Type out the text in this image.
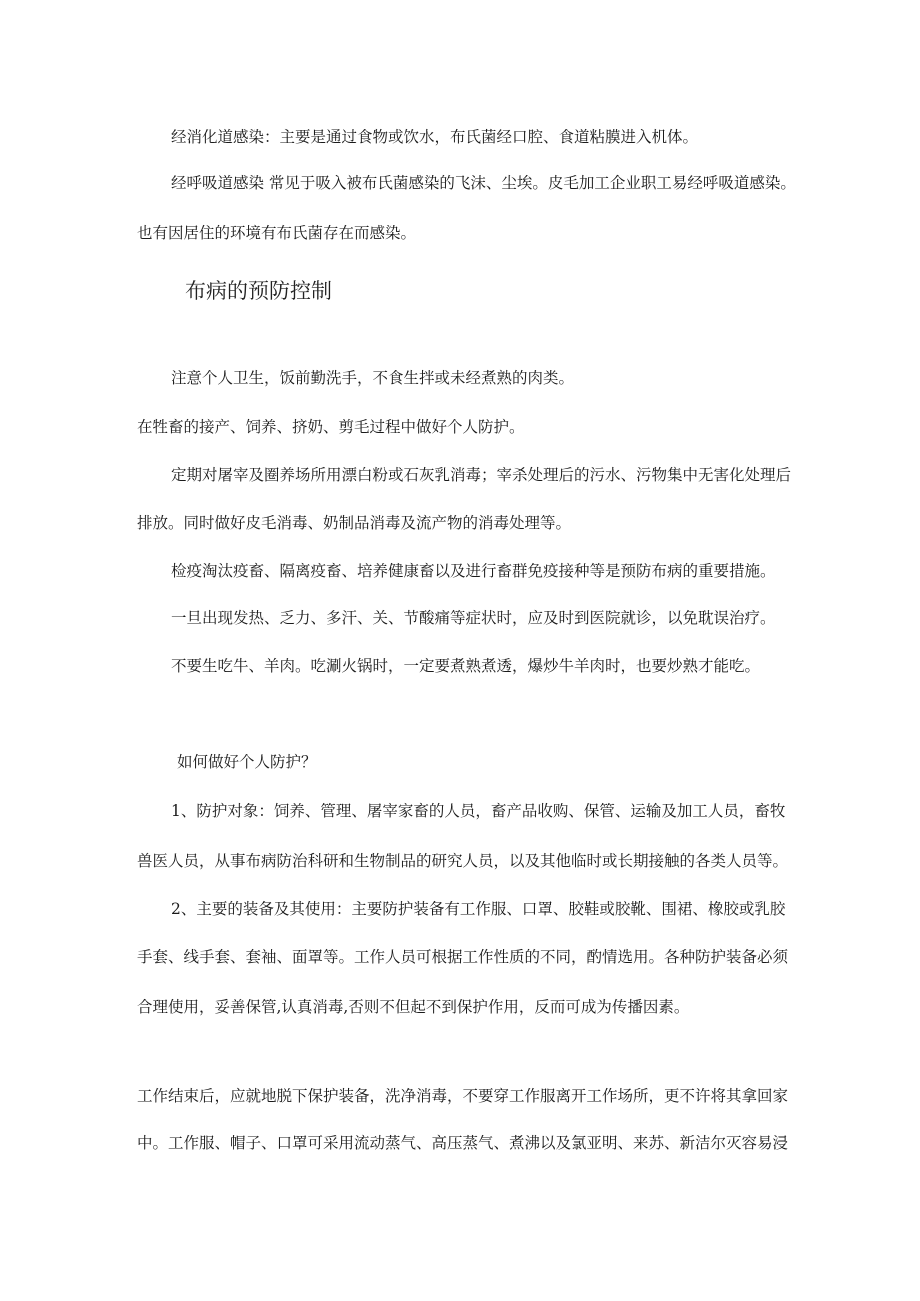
经消化道感染：主要是通过食物或饮水，布氏菌经口腔、食道粘膜进入机体。
经呼吸道感染 常见于吸入被布氏菌感染的飞沫、尘埃。皮毛加工企业职工易经呼吸道感染。
也有因居住的环境有布氏菌存在而感染。
布病的预防控制
注意个人卫生，饭前勤洗手，不食生拌或未经煮熟的肉类。
在牲畜的接产、饲养、挤奶、剪毛过程中做好个人防护。
定期对屠宰及圈养场所用漂白粉或石灰乳消毒；宰杀处理后的污水、污物集中无害化处理后
排放。同时做好皮毛消毒、奶制品消毒及流产物的消毒处理等。
检疫淘汰疫畜、隔离疫畜、培养健康畜以及进行畜群免疫接种等是预防布病的重要措施。
一旦出现发热、乏力、多汗、关、节酸痛等症状时，应及时到医院就诊，以免耽误治疗。
不要生吃牛、羊肉。吃涮火锅时，一定要煮熟煮透，爆炒牛羊肉时，也要炒熟才能吃。
如何做好个人防护？
1、防护对象：饲养、管理、屠宰家畜的人员，畜产品收购、保管、运输及加工人员，畜牧
兽医人员，从事布病防治科研和生物制品的研究人员，以及其他临时或长期接触的各类人员等。
2、主要的装备及其使用：主要防护装备有工作服、口罩、胶鞋或胶靴、围裙、橡胶或乳胶
手套、线手套、套袖、面罩等。工作人员可根据工作性质的不同，酌情选用。各种防护装备必须
合理使用，妥善保管,认真消毒,否则不但起不到保护作用，反而可成为传播因素。
工作结束后，应就地脱下保护装备，洗净消毒，不要穿工作服离开工作场所，更不许将其拿回家
中。工作服、帽子、口罩可采用流动蒸气、高压蒸气、煮沸以及氯亚明、来苏、新洁尔灭容易浸
